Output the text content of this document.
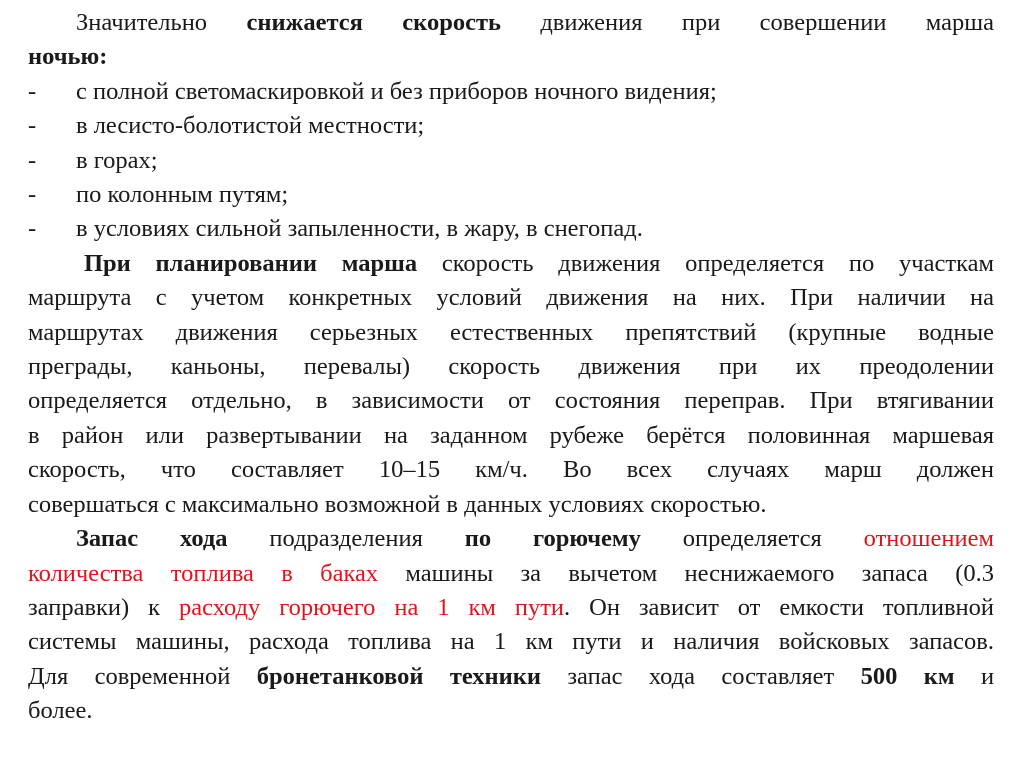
Значительно снижается скорость движения при совершении марша

ночью:

-	с полной светомаскировкой и без приборов ночного видения;

-	в лесисто-болотистой местности;

-	в горах;

-	по колонным путям;

-	в условиях сильной запыленности, в жару, в снегопад.

При планировании марша скорость движения определяется по участкам

маршрута с учетом конкретных условий движения на них. При наличии на

маршрутах движения серьезных естественных препятствий (крупные водные

преграды, каньоны, перевалы) скорость движения при их преодолении

определяется отдельно, в зависимости от состояния переправ. При втягивании

в район или развертывании на заданном рубеже берётся половинная маршевая

скорость, что составляет 10–15 км/ч. Во всех случаях марш должен

совершаться с максимально возможной в данных условиях скоростью.

Запас хода подразделения по горючему определяется отношением

количества топлива в баках машины за вычетом неснижаемого запаса (0.3

заправки) к расходу горючего на 1 км пути. Он зависит от емкости топливной

системы машины, расхода топлива на 1 км пути и наличия войсковых запасов.

Для современной бронетанковой техники запас хода составляет 500 км и

более.
